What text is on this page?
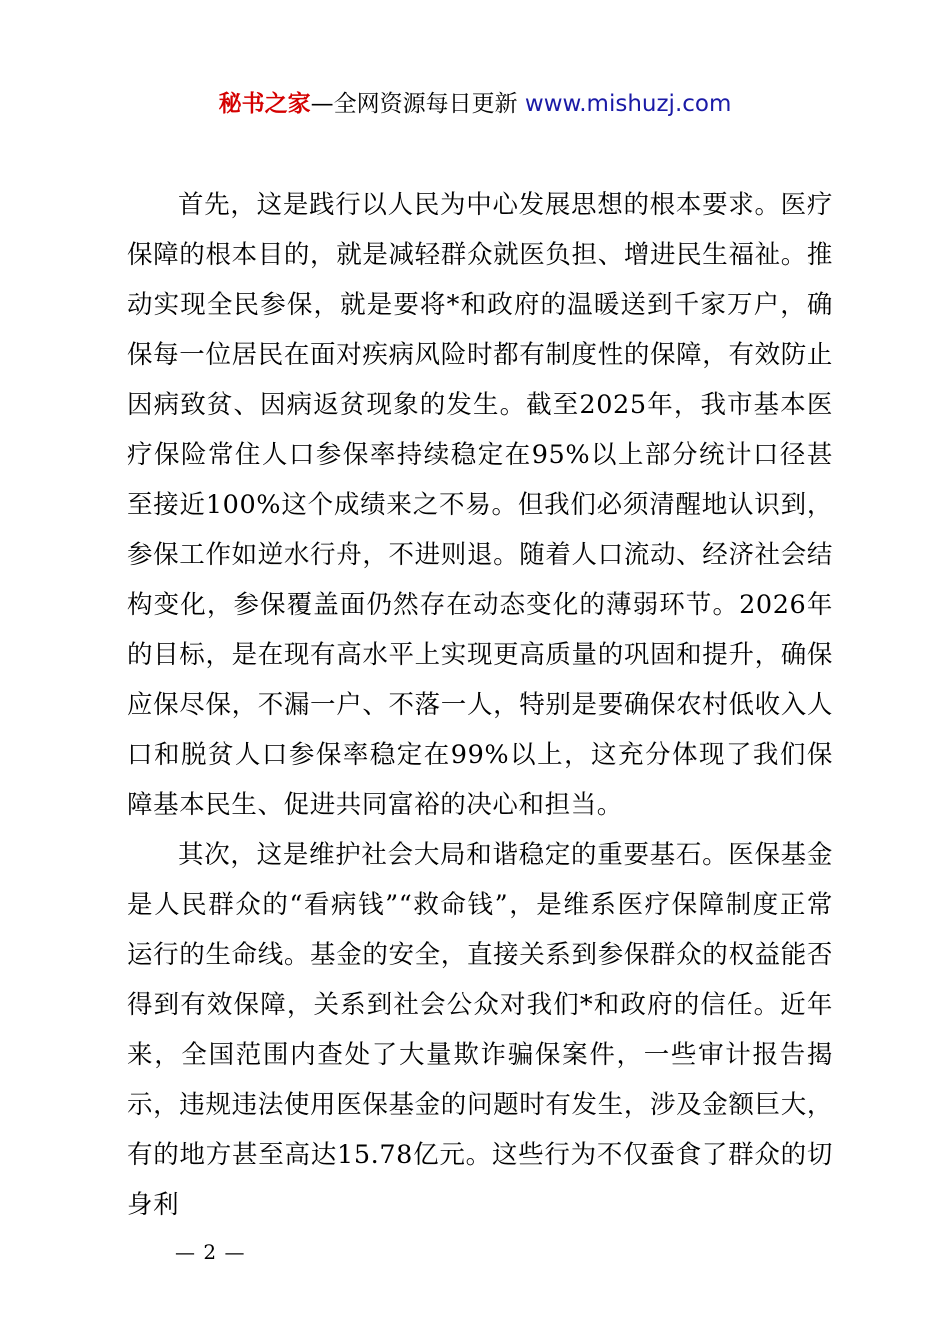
秘书之家—全网资源每日更新 www.mishuzj.com

首先，这是践行以人民为中心发展思想的根本要求。医疗保障的根本目的，就是减轻群众就医负担、增进民生福祉。推动实现全民参保，就是要将*和政府的温暖送到千家万户，确保每一位居民在面对疾病风险时都有制度性的保障，有效防止因病致贫、因病返贫现象的发生。截至2025年，我市基本医疗保险常住人口参保率持续稳定在95%以上部分统计口径甚至接近100%这个成绩来之不易。但我们必须清醒地认识到，参保工作如逆水行舟，不进则退。随着人口流动、经济社会结构变化，参保覆盖面仍然存在动态变化的薄弱环节。2026年的目标，是在现有高水平上实现更高质量的巩固和提升，确保应保尽保，不漏一户、不落一人，特别是要确保农村低收入人口和脱贫人口参保率稳定在99%以上，这充分体现了我们保障基本民生、促进共同富裕的决心和担当。

其次，这是维护社会大局和谐稳定的重要基石。医保基金是人民群众的“看病钱”“救命钱”，是维系医疗保障制度正常运行的生命线。基金的安全，直接关系到参保群众的权益能否得到有效保障，关系到社会公众对我们*和政府的信任。近年来，全国范围内查处了大量欺诈骗保案件，一些审计报告揭示，违规违法使用医保基金的问题时有发生，涉及金额巨大，有的地方甚至高达15.78亿元。这些行为不仅蚕食了群众的切身利

— 2 —
